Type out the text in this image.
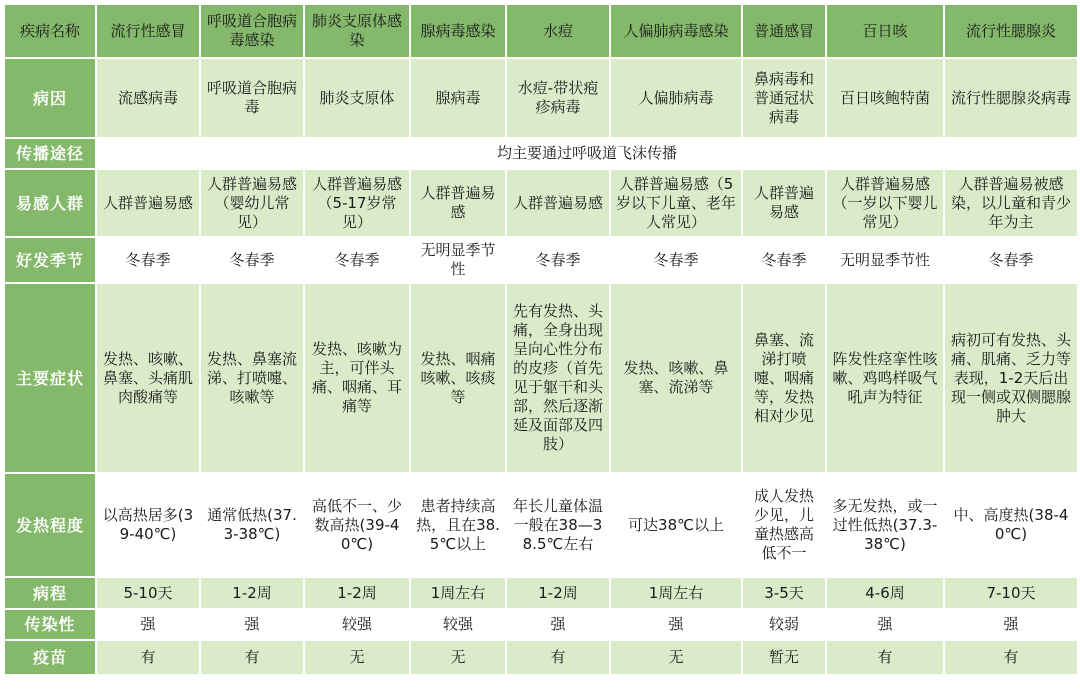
疾病名称	流行性感冒	呼吸道合胞病毒感染	肺炎支原体感染	腺病毒感染	水痘	人偏肺病毒感染	普通感冒	百日咳	流行性腮腺炎
病因	流感病毒	呼吸道合胞病毒	肺炎支原体	腺病毒	水痘-带状疱疹病毒	人偏肺病毒	鼻病毒和普通冠状病毒	百日咳鲍特菌	流行性腮腺炎病毒
传播途径	均主要通过呼吸道飞沫传播								
易感人群	人群普遍易感	人群普遍易感（婴幼儿常见）	人群普遍易感（5-17岁常见）	人群普遍易感	人群普遍易感	人群普遍易感（5岁以下儿童、老年人常见）	人群普遍易感	人群普遍易感（一岁以下婴儿常见）	人群普遍易被感染，以儿童和青少年为主
好发季节	冬春季	冬春季	冬春季	无明显季节性	冬春季	冬春季	冬春季	无明显季节性	冬春季
主要症状	发热、咳嗽、鼻塞、头痛肌肉酸痛等	发热、鼻塞流涕、打喷嚏、咳嗽等	发热、咳嗽为主，可伴头痛、咽痛、耳痛等	发热、咽痛咳嗽、咳痰等	先有发热、头痛，全身出现呈向心性分布的皮疹（首先见于躯干和头部，然后逐渐延及面部及四肢）	发热、咳嗽、鼻塞、流涕等	鼻塞、流涕打喷嚏、咽痛等，发热相对少见	阵发性痉挛性咳嗽、鸡鸣样吸气吼声为特征	病初可有发热、头痛、肌痛、乏力等表现，1-2天后出现一侧或双侧腮腺肿大
发热程度	以高热居多(39-40℃)	通常低热(37.3-38℃)	高低不一、少数高热(39-40℃)	患者持续高热，且在38.5℃以上	年长儿童体温一般在38—38.5℃左右	可达38℃以上	成人发热少见，儿童热感高低不一	多无发热，或一过性低热(37.3-38℃)	中、高度热(38-40℃)
病程	5-10天	1-2周	1-2周	1周左右	1-2周	1周左右	3-5天	4-6周	7-10天
传染性	强	强	较强	较强	强	强	较弱	强	强
疫苗	有	有	无	无	有	无	暂无	有	有
